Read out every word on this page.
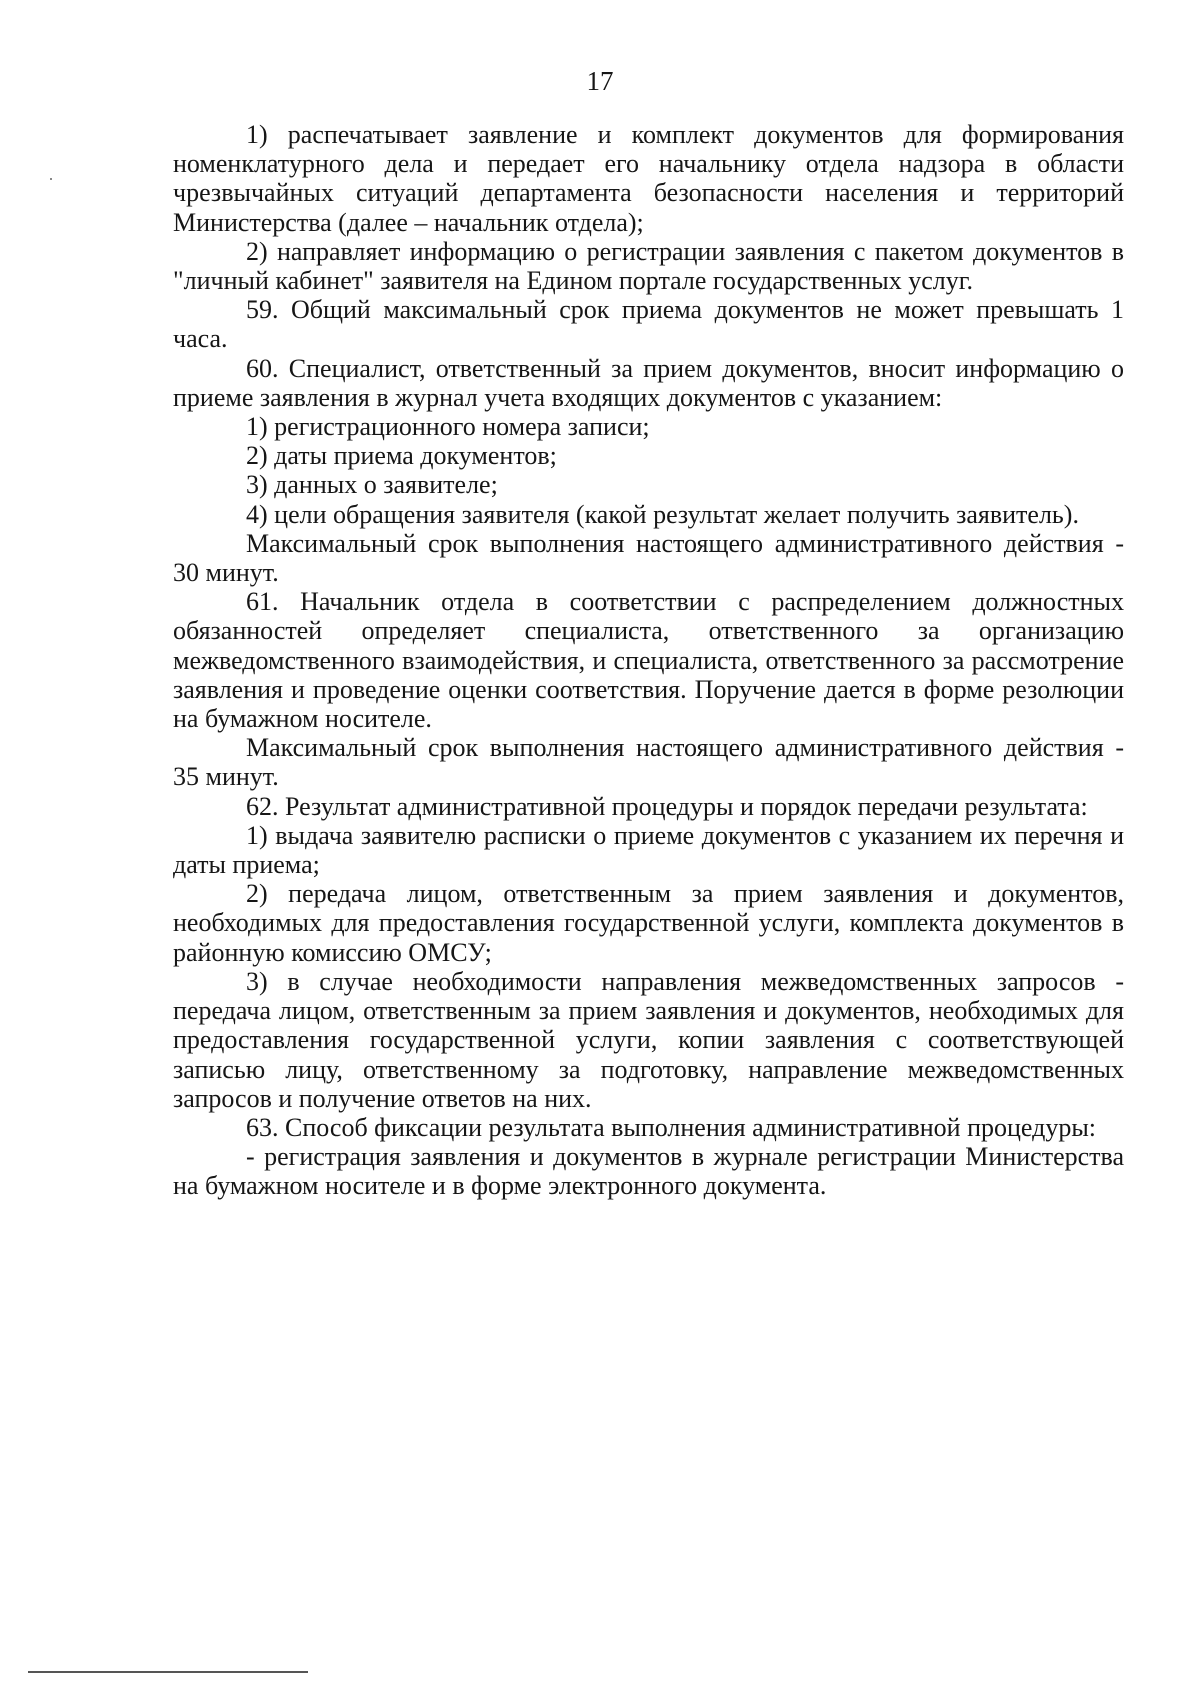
17

1) распечатывает заявление и комплект документов для формирования номенклатурного дела и передает его начальнику отдела надзора в области чрезвычайных ситуаций департамента безопасности населения и территорий Министерства (далее – начальник отдела);

2) направляет информацию о регистрации заявления с пакетом документов в "личный кабинет" заявителя на Едином портале государственных услуг.

59. Общий максимальный срок приема документов не может превышать 1 часа.

60. Специалист, ответственный за прием документов, вносит информацию о приеме заявления в журнал учета входящих документов с указанием:

1) регистрационного номера записи;

2) даты приема документов;

3) данных о заявителе;

4) цели обращения заявителя (какой результат желает получить заявитель).

Максимальный срок выполнения настоящего административного действия - 30 минут.

61. Начальник отдела в соответствии с распределением должностных обязанностей определяет специалиста, ответственного за организацию межведомственного взаимодействия, и специалиста, ответственного за рассмотрение заявления и проведение оценки соответствия. Поручение дается в форме резолюции на бумажном носителе.

Максимальный срок выполнения настоящего административного действия - 35 минут.

62. Результат административной процедуры и порядок передачи результата:

1) выдача заявителю расписки о приеме документов с указанием их перечня и даты приема;

2) передача лицом, ответственным за прием заявления и документов, необходимых для предоставления государственной услуги, комплекта документов в районную комиссию ОМСУ;

3) в случае необходимости направления межведомственных запросов - передача лицом, ответственным за прием заявления и документов, необходимых для предоставления государственной услуги, копии заявления с соответствующей записью лицу, ответственному за подготовку, направление межведомственных запросов и получение ответов на них.

63. Способ фиксации результата выполнения административной процедуры:

- регистрация заявления и документов в журнале регистрации Министерства на бумажном носителе и в форме электронного документа.
